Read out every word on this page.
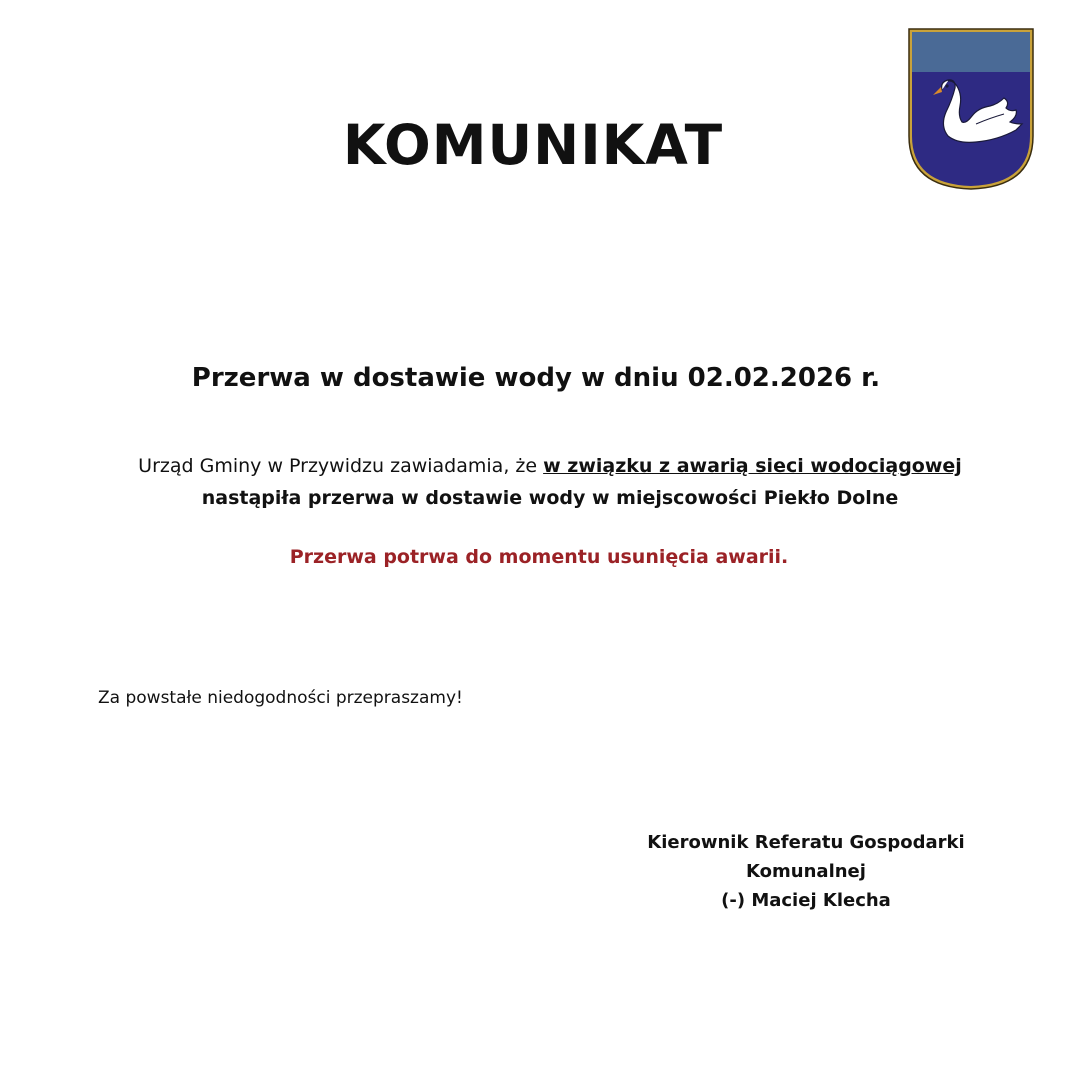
KOMUNIKAT
Przerwa w dostawie wody w dniu 02.02.2026 r.

Urząd Gminy w Przywidzu zawiadamia, że w związku z awarią sieci wodociągowej
nastąpiła przerwa w dostawie wody w miejscowości Piekło Dolne

Przerwa potrwa do momentu usunięcia awarii.

Za powstałe niedogodności przepraszamy!

Kierownik Referatu Gospodarki
Komunalnej
(-) Maciej Klecha
